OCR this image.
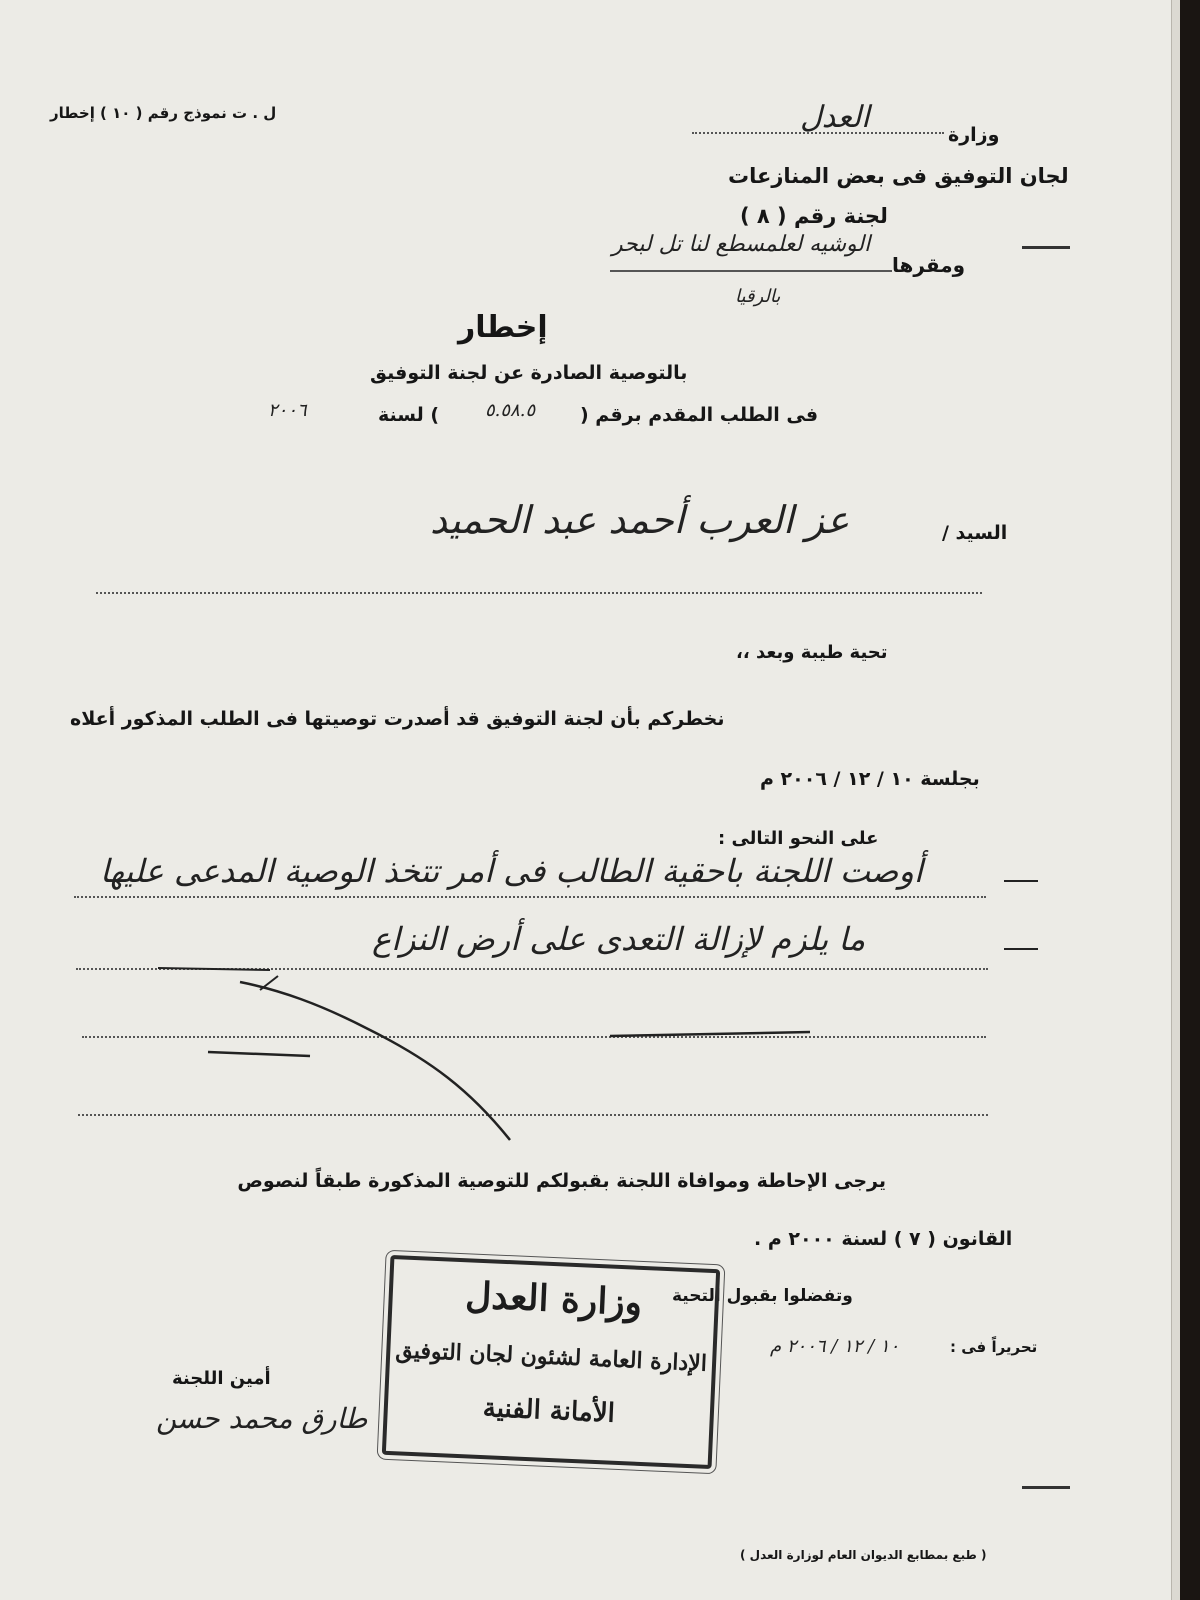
ل . ت نموذج رقم ( ١٠ ) إخطار
وزارة
العدل
لجان التوفيق فى بعض المنازعات
لجنة رقم ( ٨ )
ومقرها
الوشيه لعلمسطع لنا تل لبحر
بالرقيا
إخطار
بالتوصية الصادرة عن لجنة التوفيق
فى الطلب المقدم برقم (
٥.٥٨.٥
) لسنة
٢٠٠٦
السيد /
عز العرب أحمد عبد الحميد
تحية طيبة وبعد ،،
نخطركم بأن لجنة التوفيق قد أصدرت توصيتها فى الطلب المذكور أعلاه
بجلسة ١٠ / ١٢ / ٢٠٠٦ م
على النحو التالى :
أوصت اللجنة باحقية الطالب فى أمر تتخذ الوصية المدعى عليها
ما يلزم لإزالة التعدى على أرض النزاع
يرجى الإحاطة وموافاة اللجنة بقبولكم للتوصية المذكورة طبقاً لنصوص
القانون ( ٧ ) لسنة ٢٠٠٠ م .
وتفضلوا بقبول التحية
تحريراً فى :
١٠ / ١٢ / ٢٠٠٦ م
أمين اللجنة
طارق محمد حسن
( طبع بمطابع الديوان العام لوزارة العدل )
وزارة العدل
الإدارة العامة لشئون لجان التوفيق
الأمانة الفنية
